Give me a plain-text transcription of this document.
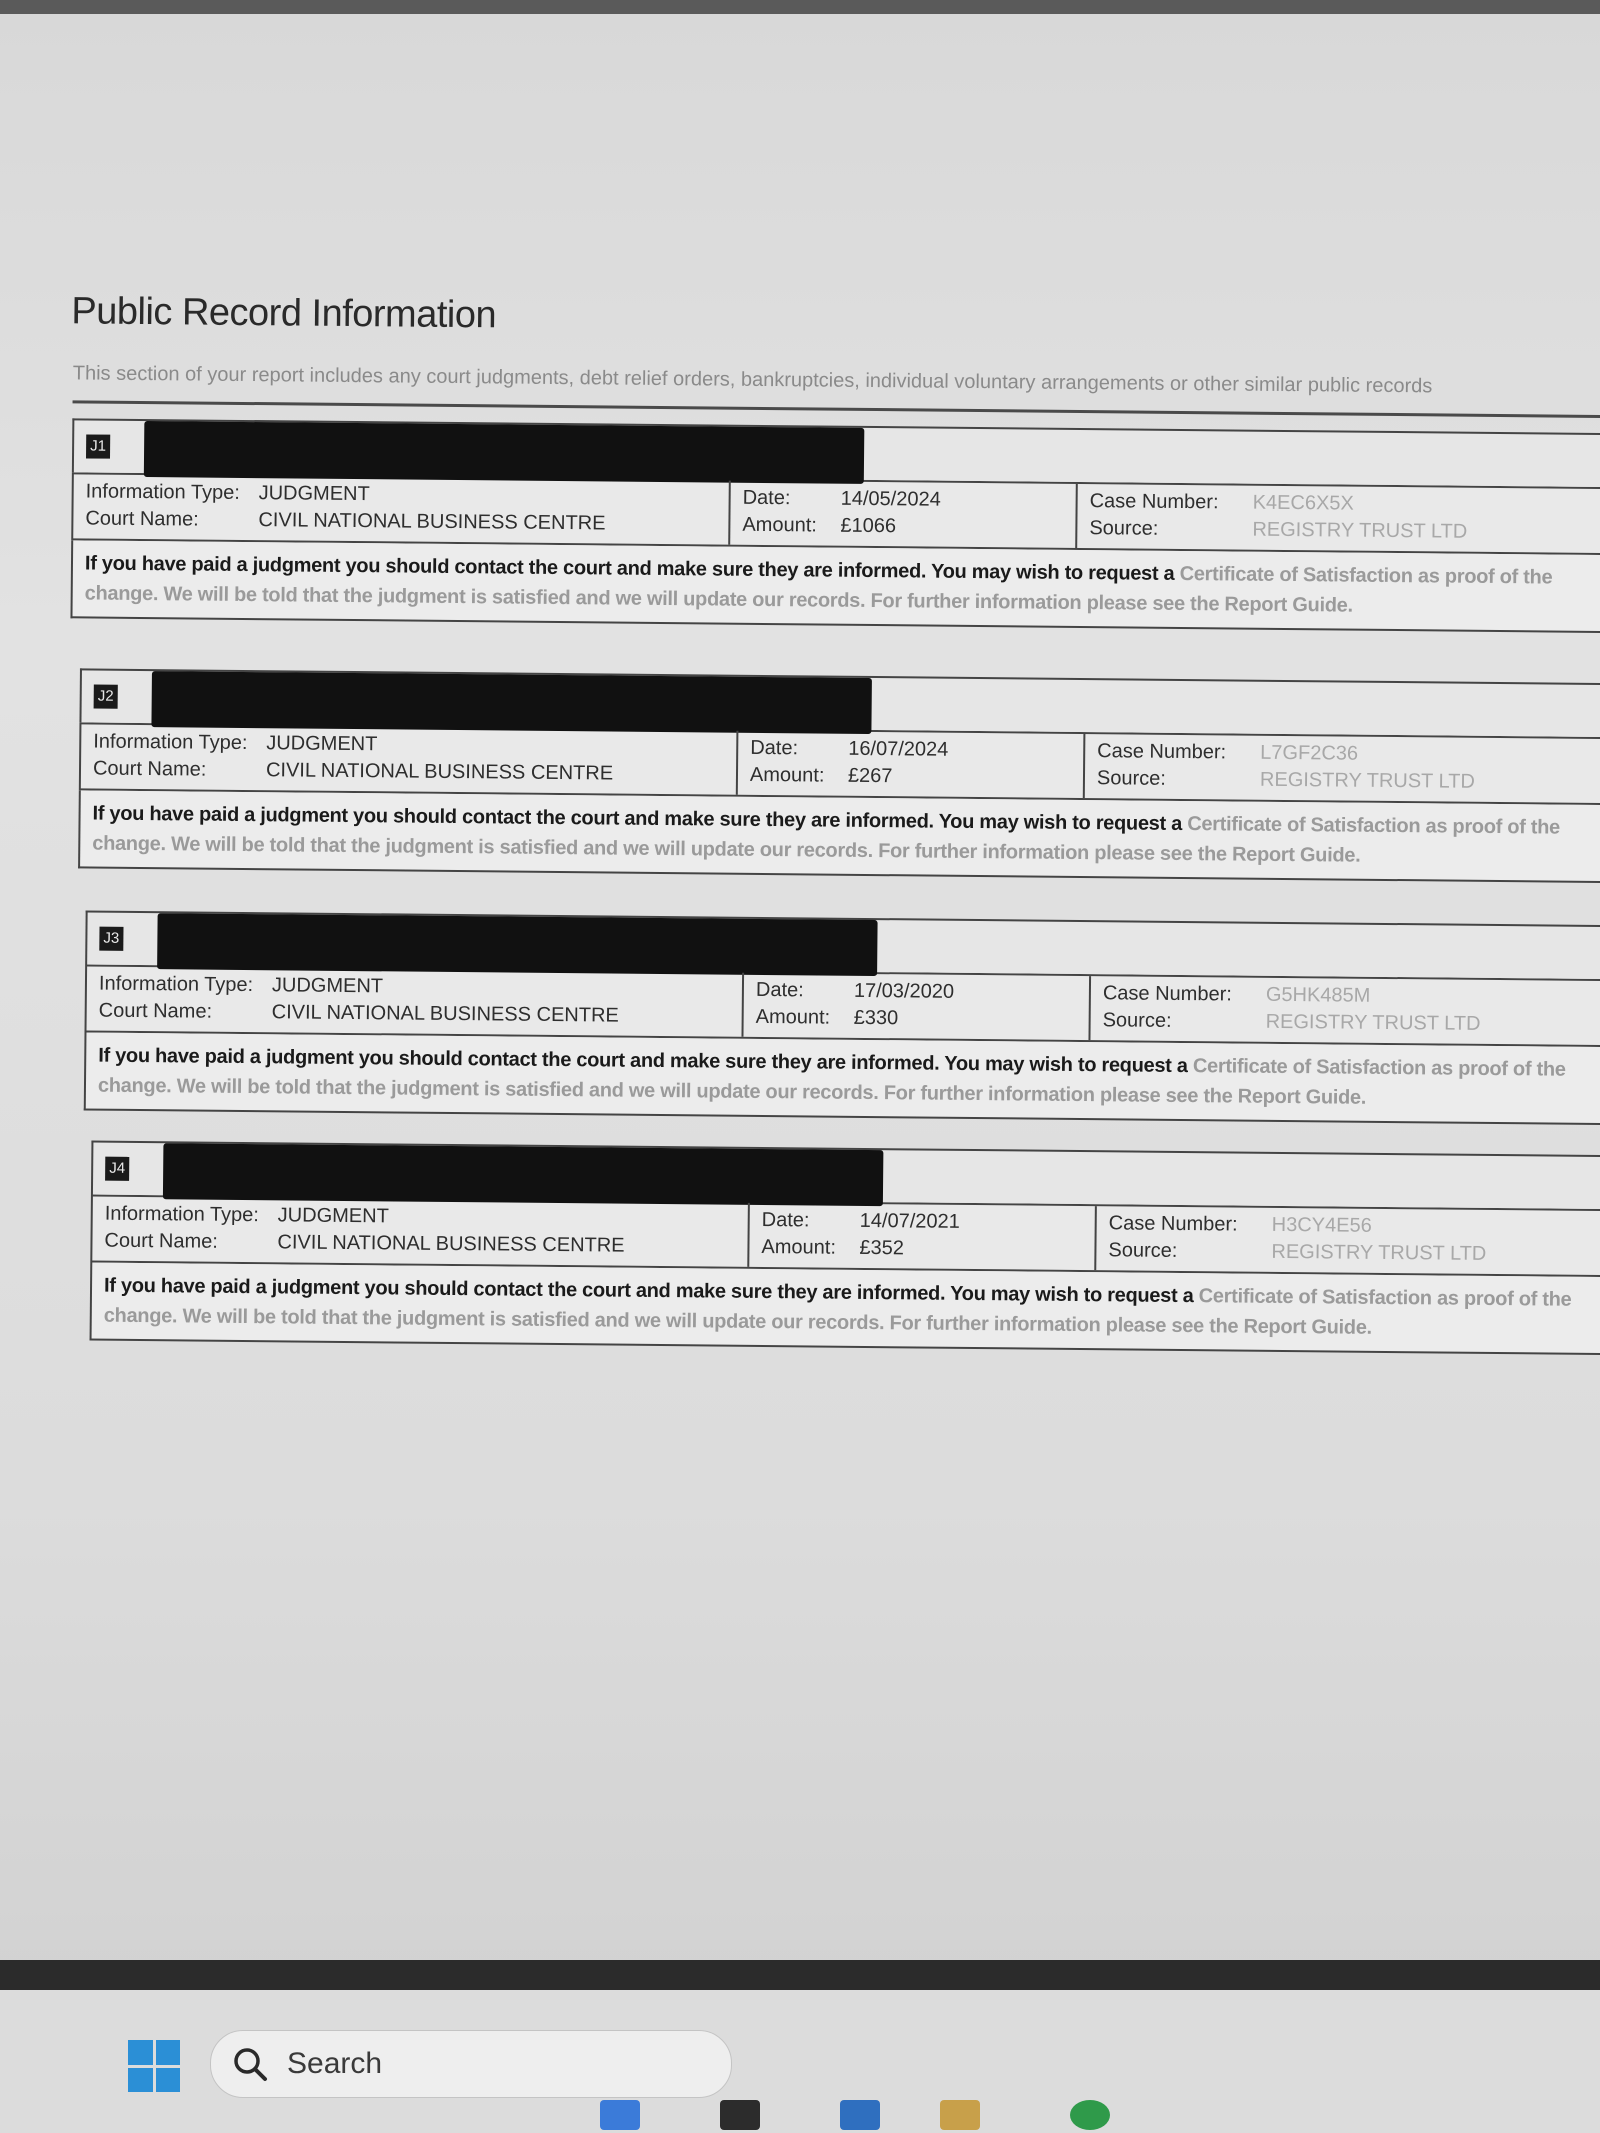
Public Record Information
This section of your report includes any court judgments, debt relief orders, bankruptcies, individual voluntary arrangements or other similar public records
J1
Information Type: JUDGMENT
Court Name:	CIVIL NATIONAL BUSINESS CENTRE
Date: 14/05/2024
Amount: £1066
Case Number: K4EC6X5X
Source:	REGISTRY TRUST LTD
If you have paid a judgment you should contact the court and make sure they are informed. You may wish to request a Certificate of Satisfaction as proof of the change. We will be told that the judgment is satisfied and we will update our records. For further information please see the Report Guide.
J2
Information Type: JUDGMENT
Court Name:	CIVIL NATIONAL BUSINESS CENTRE
Date: 16/07/2024
Amount: £267
Case Number: L7GF2C36
Source:	REGISTRY TRUST LTD
If you have paid a judgment you should contact the court and make sure they are informed. You may wish to request a Certificate of Satisfaction as proof of the change. We will be told that the judgment is satisfied and we will update our records. For further information please see the Report Guide.
J3
Information Type: JUDGMENT
Court Name:	CIVIL NATIONAL BUSINESS CENTRE
Date: 17/03/2020
Amount: £330
Case Number: G5HK485M
Source:	REGISTRY TRUST LTD
If you have paid a judgment you should contact the court and make sure they are informed. You may wish to request a Certificate of Satisfaction as proof of the change. We will be told that the judgment is satisfied and we will update our records. For further information please see the Report Guide.
J4
Information Type: JUDGMENT
Court Name:	CIVIL NATIONAL BUSINESS CENTRE
Date: 14/07/2021
Amount: £352
Case Number: H3CY4E56
Source:	REGISTRY TRUST LTD
If you have paid a judgment you should contact the court and make sure they are informed. You may wish to request a Certificate of Satisfaction as proof of the change. We will be told that the judgment is satisfied and we will update our records. For further information please see the Report Guide.
Search
